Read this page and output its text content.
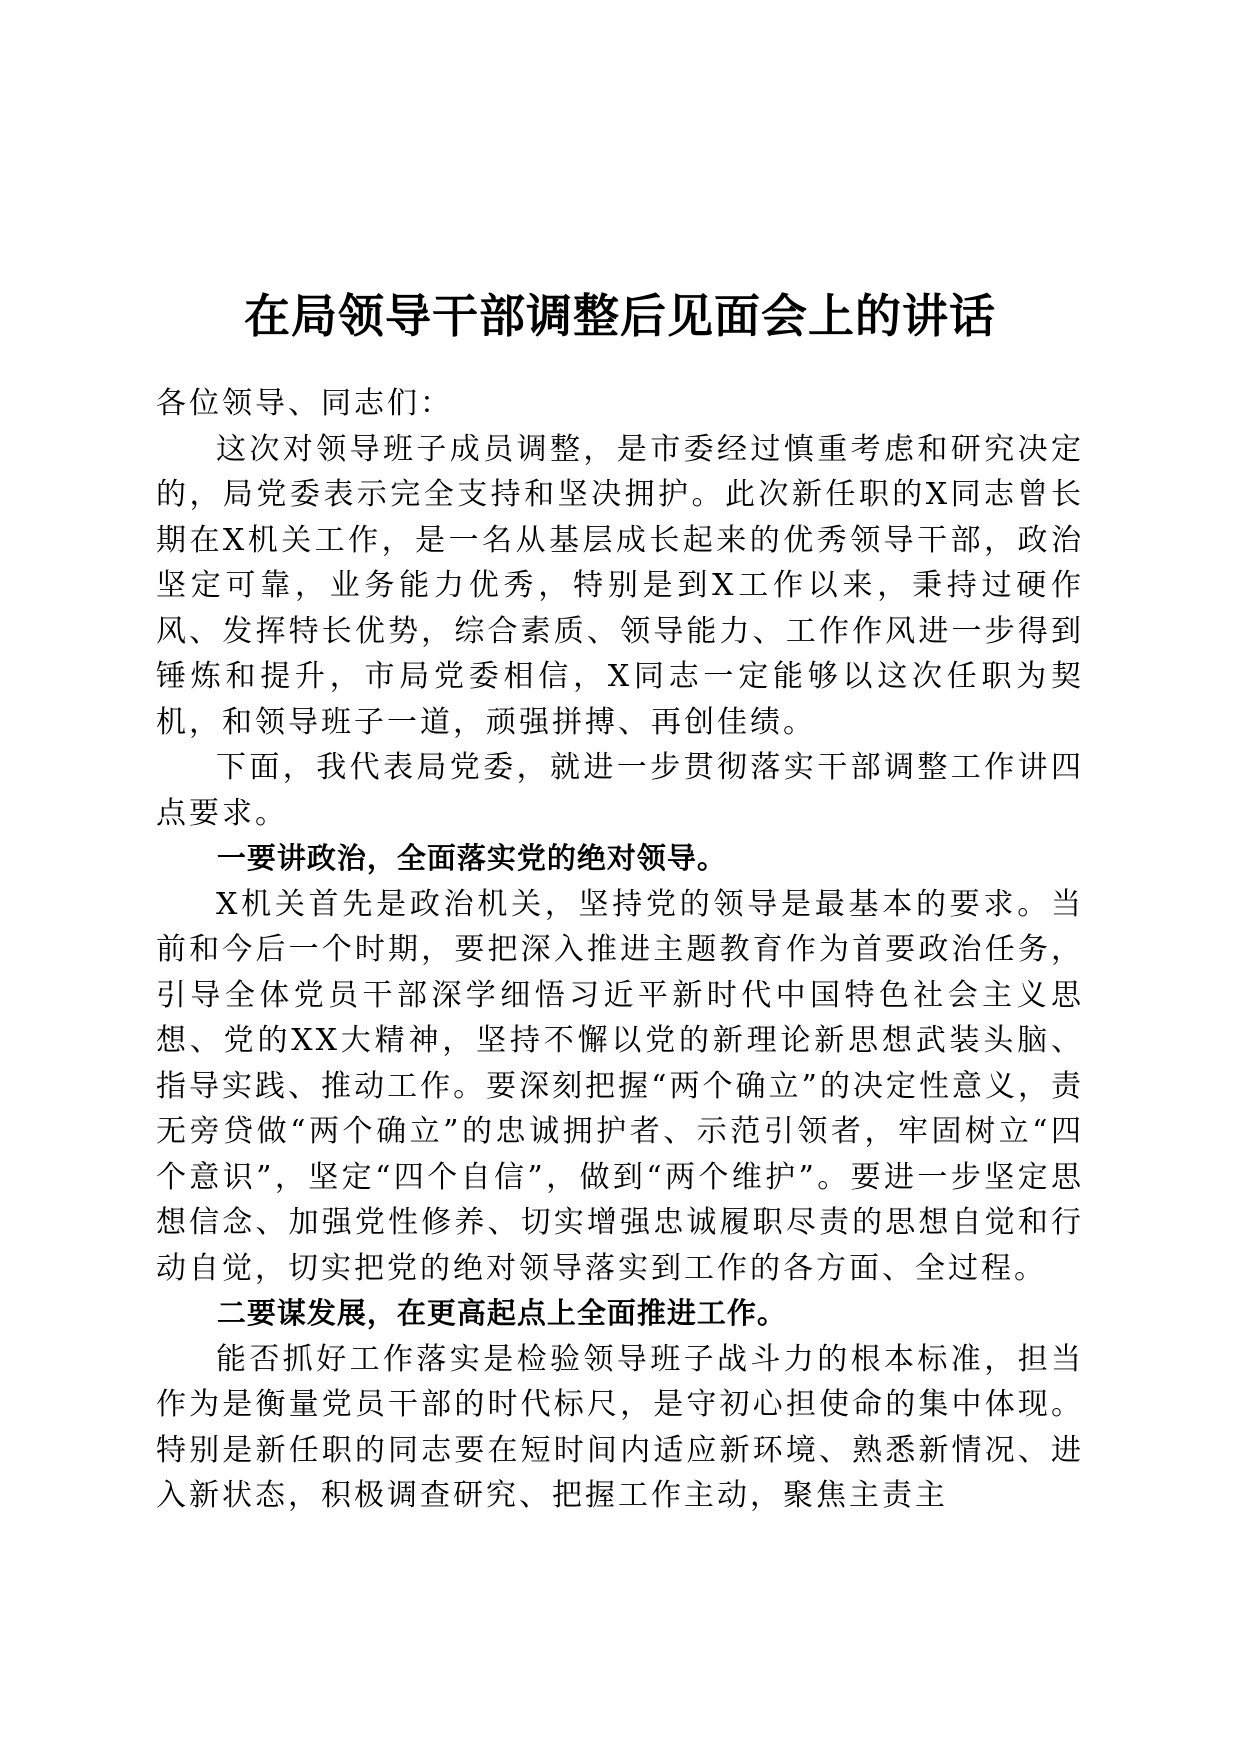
在局领导干部调整后见面会上的讲话

各位领导、同志们：

这次对领导班子成员调整，是市委经过慎重考虑和研究决定的，局党委表示完全支持和坚决拥护。此次新任职的X同志曾长期在X机关工作，是一名从基层成长起来的优秀领导干部，政治坚定可靠，业务能力优秀，特别是到X工作以来，秉持过硬作风、发挥特长优势，综合素质、领导能力、工作作风进一步得到锤炼和提升，市局党委相信，X同志一定能够以这次任职为契机，和领导班子一道，顽强拼搏、再创佳绩。

下面，我代表局党委，就进一步贯彻落实干部调整工作讲四点要求。

一要讲政治，全面落实党的绝对领导。

X机关首先是政治机关，坚持党的领导是最基本的要求。当前和今后一个时期，要把深入推进主题教育作为首要政治任务，引导全体党员干部深学细悟习近平新时代中国特色社会主义思想、党的XX大精神，坚持不懈以党的新理论新思想武装头脑、指导实践、推动工作。要深刻把握“两个确立”的决定性意义，责无旁贷做“两个确立”的忠诚拥护者、示范引领者，牢固树立“四个意识”，坚定“四个自信”，做到“两个维护”。要进一步坚定思想信念、加强党性修养、切实增强忠诚履职尽责的思想自觉和行动自觉，切实把党的绝对领导落实到工作的各方面、全过程。

二要谋发展，在更高起点上全面推进工作。

能否抓好工作落实是检验领导班子战斗力的根本标准，担当作为是衡量党员干部的时代标尺，是守初心担使命的集中体现。特别是新任职的同志要在短时间内适应新环境、熟悉新情况、进入新状态，积极调查研究、把握工作主动，聚焦主责主
